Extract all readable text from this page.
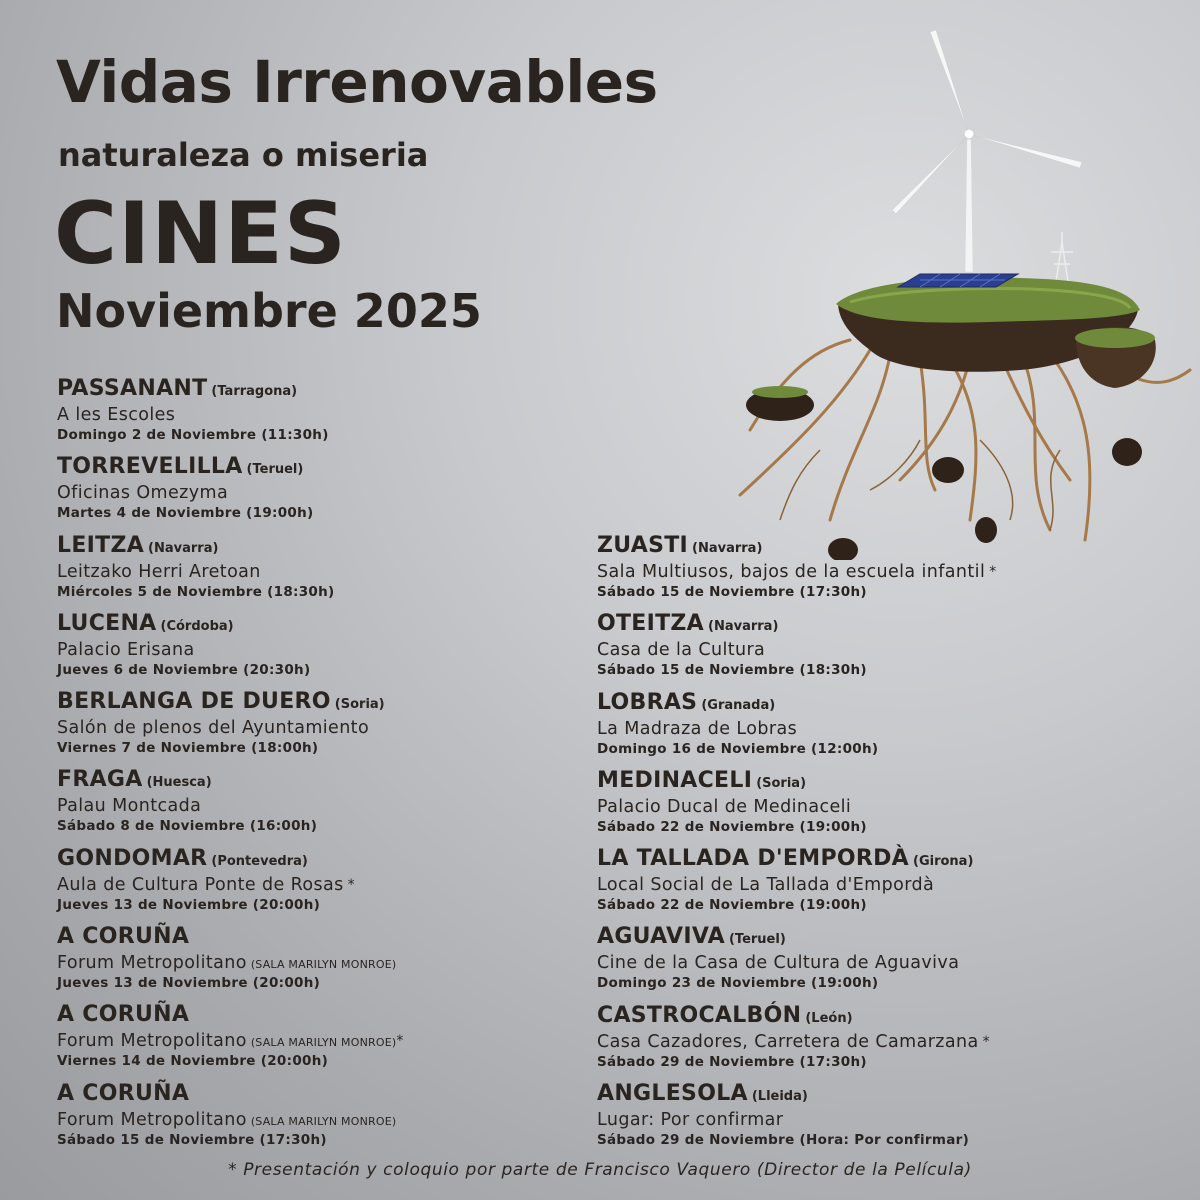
Vidas Irrenovables
naturaleza o miseria
CINES
Noviembre 2025
PASSANANT (Tarragona)
A les Escoles
Domingo 2 de Noviembre (11:30h)
TORREVELILLA (Teruel)
Oficinas Omezyma
Martes 4 de Noviembre (19:00h)
LEITZA (Navarra)
Leitzako Herri Aretoan
Miércoles 5 de Noviembre (18:30h)
LUCENA (Córdoba)
Palacio Erisana
Jueves 6 de Noviembre (20:30h)
BERLANGA DE DUERO (Soria)
Salón de plenos del Ayuntamiento
Viernes 7 de Noviembre (18:00h)
FRAGA (Huesca)
Palau Montcada
Sábado 8 de Noviembre (16:00h)
GONDOMAR (Pontevedra)
Aula de Cultura Ponte de Rosas *
Jueves 13 de Noviembre (20:00h)
A CORUÑA
Forum Metropolitano (SALA MARILYN MONROE)
Jueves 13 de Noviembre (20:00h)
A CORUÑA
Forum Metropolitano (SALA MARILYN MONROE)*
Viernes 14 de Noviembre (20:00h)
A CORUÑA
Forum Metropolitano (SALA MARILYN MONROE)
Sábado 15 de Noviembre (17:30h)
ZUASTI (Navarra)
Sala Multiusos, bajos de la escuela infantil *
Sábado 15 de Noviembre (17:30h)
OTEITZA (Navarra)
Casa de la Cultura
Sábado 15 de Noviembre (18:30h)
LOBRAS (Granada)
La Madraza de Lobras
Domingo 16 de Noviembre (12:00h)
MEDINACELI (Soria)
Palacio Ducal de Medinaceli
Sábado 22 de Noviembre (19:00h)
LA TALLADA D'EMPORDÀ (Girona)
Local Social de La Tallada d'Empordà
Sábado 22 de Noviembre (19:00h)
AGUAVIVA (Teruel)
Cine de la Casa de Cultura de Aguaviva
Domingo 23 de Noviembre (19:00h)
CASTROCALBÓN (León)
Casa Cazadores, Carretera de Camarzana *
Sábado 29 de Noviembre (17:30h)
ANGLESOLA (Lleida)
Lugar: Por confirmar
Sábado 29 de Noviembre (Hora: Por confirmar)
* Presentación y coloquio por parte de Francisco Vaquero (Director de la Película)
